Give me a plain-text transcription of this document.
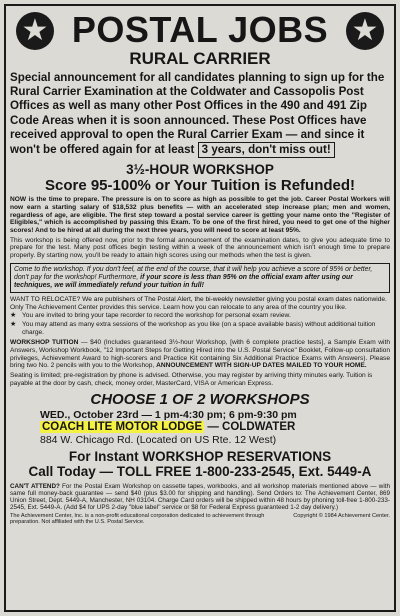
★	★
POSTAL JOBS
RURAL CARRIER
Special announcement for all candidates planning to sign up for the Rural Carrier Examination at the Coldwater and Cassopolis Post Offices as well as many other Post Offices in the 490 and 491 Zip Code Areas when it is soon announced. These Post Offices have received approval to open the Rural Carrier Exam — and since it won't be offered again for at least 3 years, don't miss out!
3½-HOUR WORKSHOP
Score 95-100% or Your Tuition is Refunded!
NOW is the time to prepare. The pressure is on to score as high as possible to get the job. Career Postal Workers will now earn a starting salary of $18,532 plus benefits — with an accelerated step increase plan; men and women, regardless of age, are eligible. The first step toward a postal service career is getting your name onto the "Register of Eligibles," which is accomplished by passing this Exam. To be one of the first hired, you need to get one of the higher scores! And to be hired at all during the next three years, you will need to score at least 95%.
This workshop is being offered now, prior to the formal announcement of the examination dates, to give you adequate time to prepare for the test. Many post offices begin testing within a week of the announcement which isn't enough time to prepare properly. By starting now, you'll be ready to attain high scores using our methods when the test is given.
Come to the workshop. If you don't feel, at the end of the course, that it will help you achieve a score of 95% or better, don't pay for the workshop! Furthermore, if your score is less than 95% on the official exam after using our techniques, we will immediately refund your tuition in full!
WANT TO RELOCATE? We are publishers of The Postal Alert, the bi-weekly newsletter giving you postal exam dates nationwide. Only The Achievement Center provides this service. Learn how you can relocate to any area of the country you like.
★ You are invited to bring your tape recorder to record the workshop for personal exam review.
★ You may attend as many extra sessions of the workshop as you like (on a space available basis) without additional tuition charge.
WORKSHOP TUITION — $40 (Includes guaranteed 3½-hour Workshop, [with 6 complete practice tests], a Sample Exam with Answers, Workshop Workbook, "12 Important Steps for Getting Hired into the U.S. Postal Service" Booklet, Follow-up consultation privileges, Achievement Award to high-scorers and Practice Kit containing Six Additional Practice Exams with Answers). Please bring two No. 2 pencils with you to the Workshop, ANNOUNCEMENT WITH SIGN-UP DATES MAILED TO YOUR HOME.
Seating is limited; pre-registration by phone is advised. Otherwise, you may register by arriving thirty minutes early. Tuition is payable at the door by cash, check, money order, MasterCard, VISA or American Express.
CHOOSE 1 OF 2 WORKSHOPS
WED., October 23rd — 1 pm-4:30 pm; 6 pm-9:30 pm
COACH LITE MOTOR LODGE — COLDWATER
884 W. Chicago Rd. (Located on US Rte. 12 West)
For Instant WORKSHOP RESERVATIONS
Call Today — TOLL FREE 1-800-233-2545, Ext. 5449-A
CAN'T ATTEND? For the Postal Exam Workshop on cassette tapes, workbooks, and all workshop materials mentioned above — with same full money-back guarantee — send $40 (plus $3.00 for shipping and handling). Send Orders to: The Achievement Center, 869 Union Street, Dept. 5449-A, Manchester, NH 03104. Charge Card orders will be shipped within 48 hours by phoning toll-free 1-800-233-2545, Ext. 5449-A. (Add $4 for UPS 2-day "blue label" service or $8 for Federal Express guaranteed 1-2 day delivery.)
The Achievement Center, Inc. is a non-profit educational corporation dedicated to achievement through preparation. Not affiliated with the U.S. Postal Service.
Copyright © 1984 Achievement Center.
